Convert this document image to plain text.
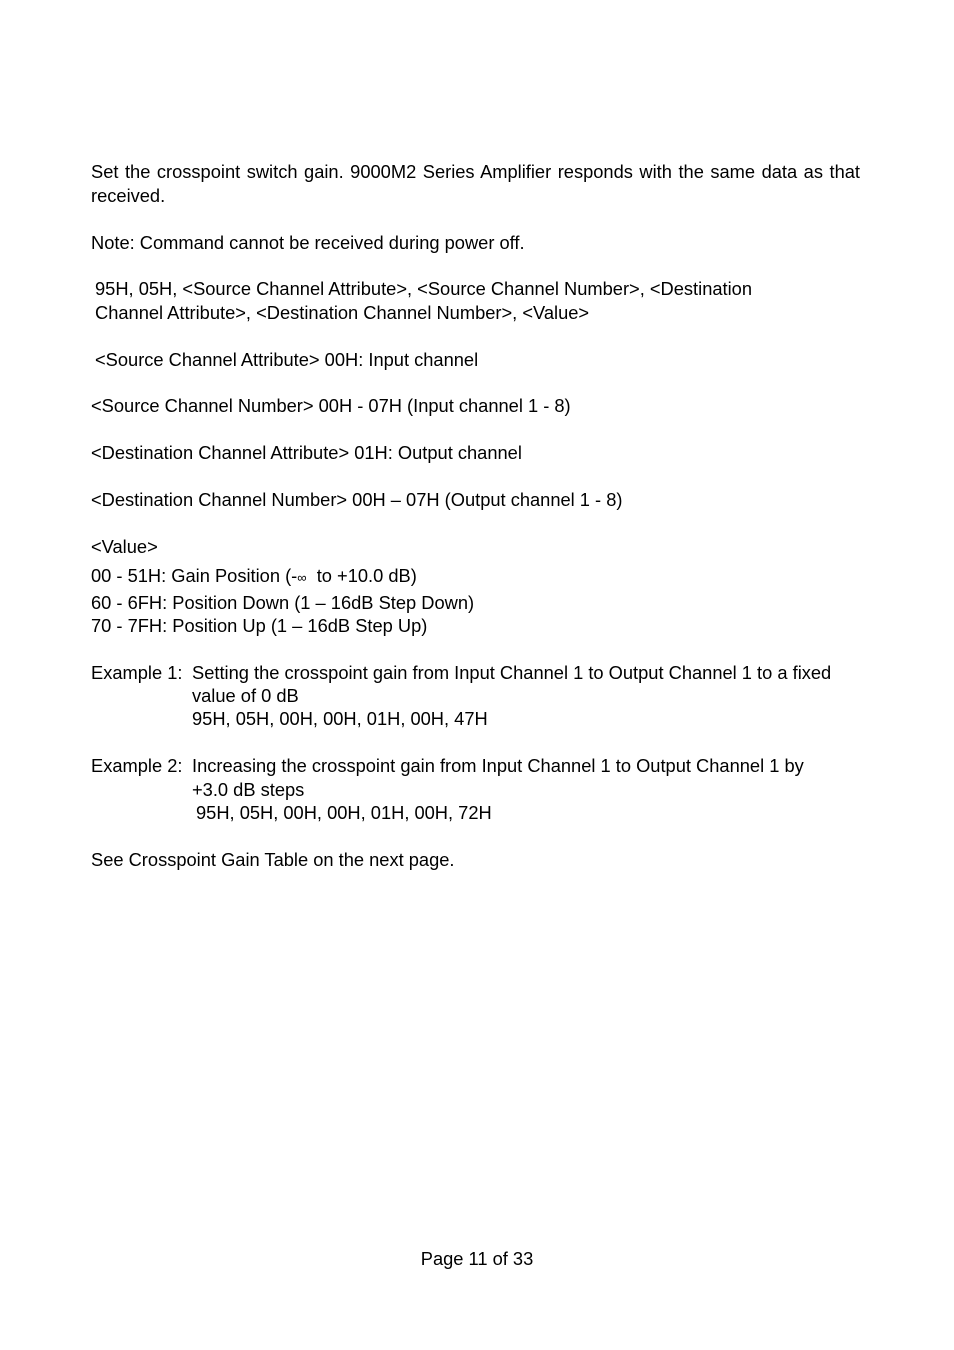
Set the crosspoint switch gain. 9000M2 Series Amplifier responds with the same data as that received.
Note: Command cannot be received during power off.
95H, 05H, <Source Channel Attribute>, <Source Channel Number>, <Destination
Channel Attribute>, <Destination Channel Number>, <Value>
<Source Channel Attribute> 00H: Input channel
<Source Channel Number> 00H - 07H (Input channel 1 - 8)
<Destination Channel Attribute> 01H: Output channel
<Destination Channel Number> 00H – 07H (Output channel 1 - 8)
<Value>
00 - 51H: Gain Position (-∞ to +10.0 dB)
60 - 6FH: Position Down (1 – 16dB Step Down)
70 - 7FH: Position Up (1 – 16dB Step Up)
Example 1: Setting the crosspoint gain from Input Channel 1 to Output Channel 1 to a fixed
value of 0 dB
95H, 05H, 00H, 00H, 01H, 00H, 47H
Example 2: Increasing the crosspoint gain from Input Channel 1 to Output Channel 1 by
+3.0 dB steps
95H, 05H, 00H, 00H, 01H, 00H, 72H
See Crosspoint Gain Table on the next page.
Page 11 of 33
